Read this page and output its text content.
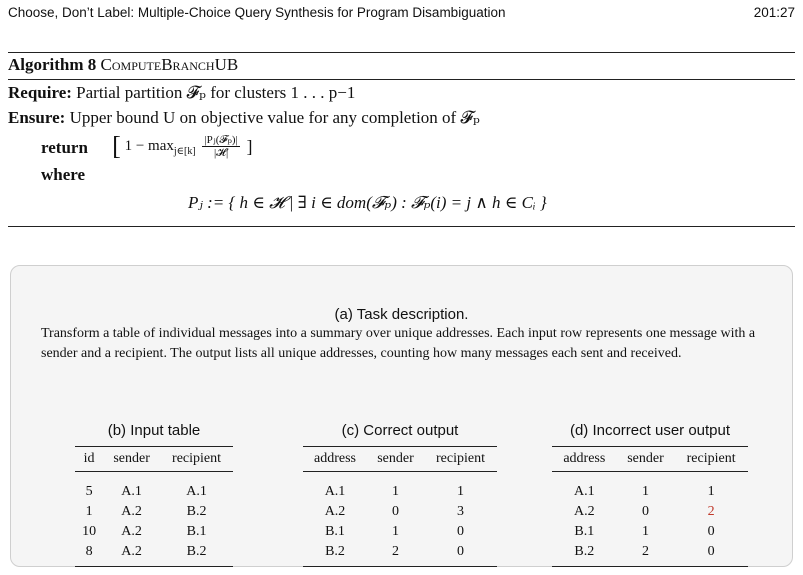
Choose, Don’t Label: Multiple-Choice Query Synthesis for Program Disambiguation	201:27
Algorithm 8 ComputeBranchUB
Require: Partial partition 𝓕ₚ for clusters 1 . . . p−1
Ensure: Upper bound U on objective value for any completion of 𝓕ₚ
return [ $1 - \max_{j\in[k]} \frac{\text{|Pⱼ(𝓕ₚ)|}}{\text{|𝓗|}}$ ]
where
Pⱼ := { h ∈ 𝓗 | ∃ i ∈ dom(𝓕ₚ) : 𝓕ₚ(i) = j ∧ h ∈ Cᵢ }
(a) Task description.
Transform a table of individual messages into a summary over unique addresses. Each input row represents one message with a sender and a recipient. The output lists all unique addresses, counting how many messages each sent and received.
(b) Input table
id	sender	recipient
5	A.1	A.1
1	A.2	B.2
10	A.2	B.1
8	A.2	B.2
(c) Correct output
address	sender	recipient
A.1	1	1
A.2	0	3
B.1	1	0
B.2	2	0
(d) Incorrect user output
address	sender	recipient
A.1	1	1
A.2	0	2
B.1	1	0
B.2	2	0
